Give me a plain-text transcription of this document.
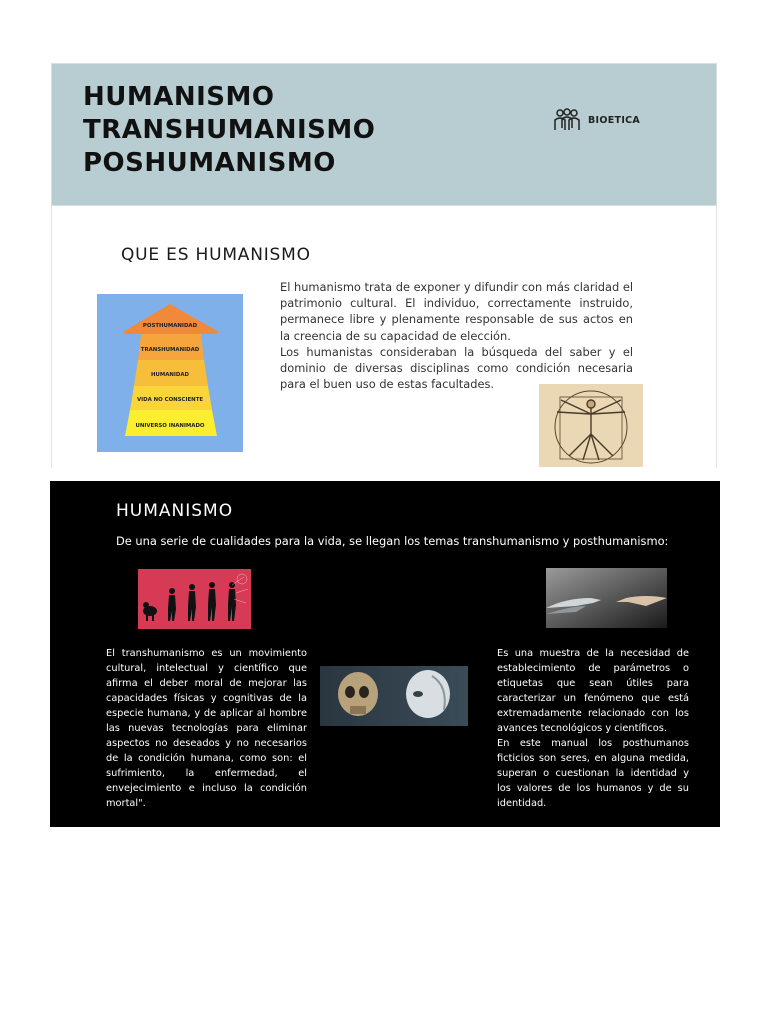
HUMANISMO
TRANSHUMANISMO
POSHUMANISMO
BIOETICA
QUE ES HUMANISMO
POSTHUMANIDAD
TRANSHUMANIDAD
HUMANIDAD
VIDA NO CONSCIENTE
UNIVERSO INANIMADO

El humanismo trata de exponer y difundir con más claridad el patrimonio cultural. El individuo, correctamente instruido, permanece libre y plenamente responsable de sus actos en la creencia de su capacidad de elección.

Los humanistas consideraban la búsqueda del saber y el dominio de diversas disciplinas como condición necesaria para el buen uso de estas facultades.

HUMANISMO
De una serie de cualidades para la vida, se llegan los temas transhumanismo y posthumanismo:

El transhumanismo es un movimiento cultural, intelectual y científico que afirma el deber moral de mejorar las capacidades físicas y cognitivas de la especie humana, y de aplicar al hombre las nuevas tecnologías para eliminar aspectos no deseados y no necesarios de la condición humana, como son: el sufrimiento, la enfermedad, el envejecimiento e incluso la condición mortal".

Es una muestra de la necesidad de establecimiento de parámetros o etiquetas que sean útiles para caracterizar un fenómeno que está extremadamente relacionado con los avances tecnológicos y científicos.

En este manual los posthumanos ficticios son seres, en alguna medida, superan o cuestionan la identidad y los valores de los humanos y de su identidad.
